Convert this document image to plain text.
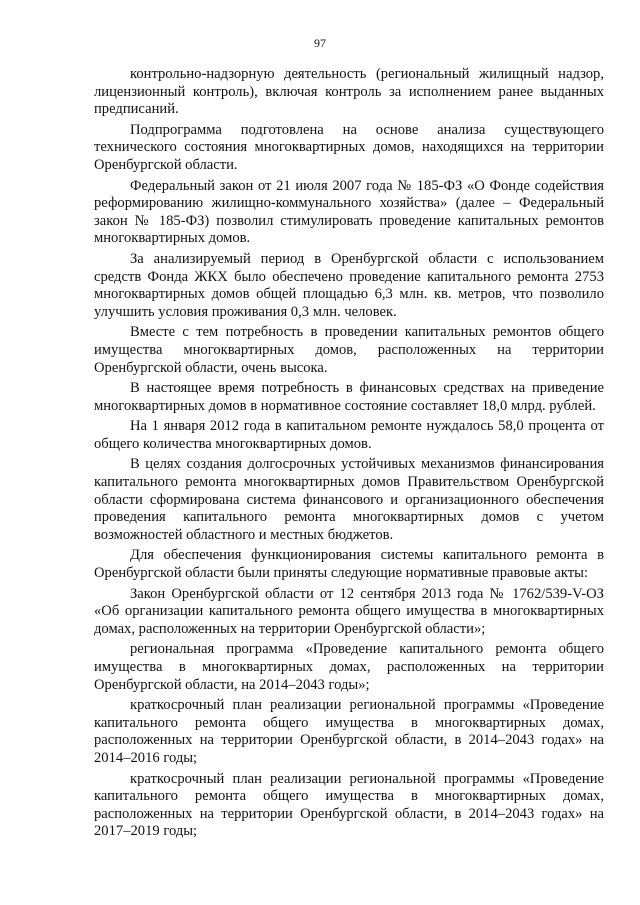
97

контрольно-надзорную деятельность (региональный жилищный надзор, лицензионный контроль), включая контроль за исполнением ранее выданных предписаний.

Подпрограмма подготовлена на основе анализа существующего технического состояния многоквартирных домов, находящихся на территории Оренбургской области.

Федеральный закон от 21 июля 2007 года № 185-ФЗ «О Фонде содействия реформированию жилищно-коммунального хозяйства» (далее – Федеральный закон № 185-ФЗ) позволил стимулировать проведение капитальных ремонтов многоквартирных домов.

За анализируемый период в Оренбургской области с использованием средств Фонда ЖКХ было обеспечено проведение капитального ремонта 2753 многоквартирных домов общей площадью 6,3 млн. кв. метров, что позволило улучшить условия проживания 0,3 млн. человек.

Вместе с тем потребность в проведении капитальных ремонтов общего имущества многоквартирных домов, расположенных на территории Оренбургской области, очень высока.

В настоящее время потребность в финансовых средствах на приведение многоквартирных домов в нормативное состояние составляет 18,0 млрд. рублей.

На 1 января 2012 года в капитальном ремонте нуждалось 58,0 процента от общего количества многоквартирных домов.

В целях создания долгосрочных устойчивых механизмов финансирования капитального ремонта многоквартирных домов Правительством Оренбургской области сформирована система финансового и организационного обеспечения проведения капитального ремонта многоквартирных домов с учетом возможностей областного и местных бюджетов.

Для обеспечения функционирования системы капитального ремонта в Оренбургской области были приняты следующие нормативные правовые акты:

Закон Оренбургской области от 12 сентября 2013 года № 1762/539-V-ОЗ «Об организации капитального ремонта общего имущества в многоквартирных домах, расположенных на территории Оренбургской области»;

региональная программа «Проведение капитального ремонта общего имущества в многоквартирных домах, расположенных на территории Оренбургской области, на 2014–2043 годы»;

краткосрочный план реализации региональной программы «Проведение капитального ремонта общего имущества в многоквартирных домах, расположенных на территории Оренбургской области, в 2014–2043 годах» на 2014–2016 годы;

краткосрочный план реализации региональной программы «Проведение капитального ремонта общего имущества в многоквартирных домах, расположенных на территории Оренбургской области, в 2014–2043 годах» на 2017–2019 годы;
